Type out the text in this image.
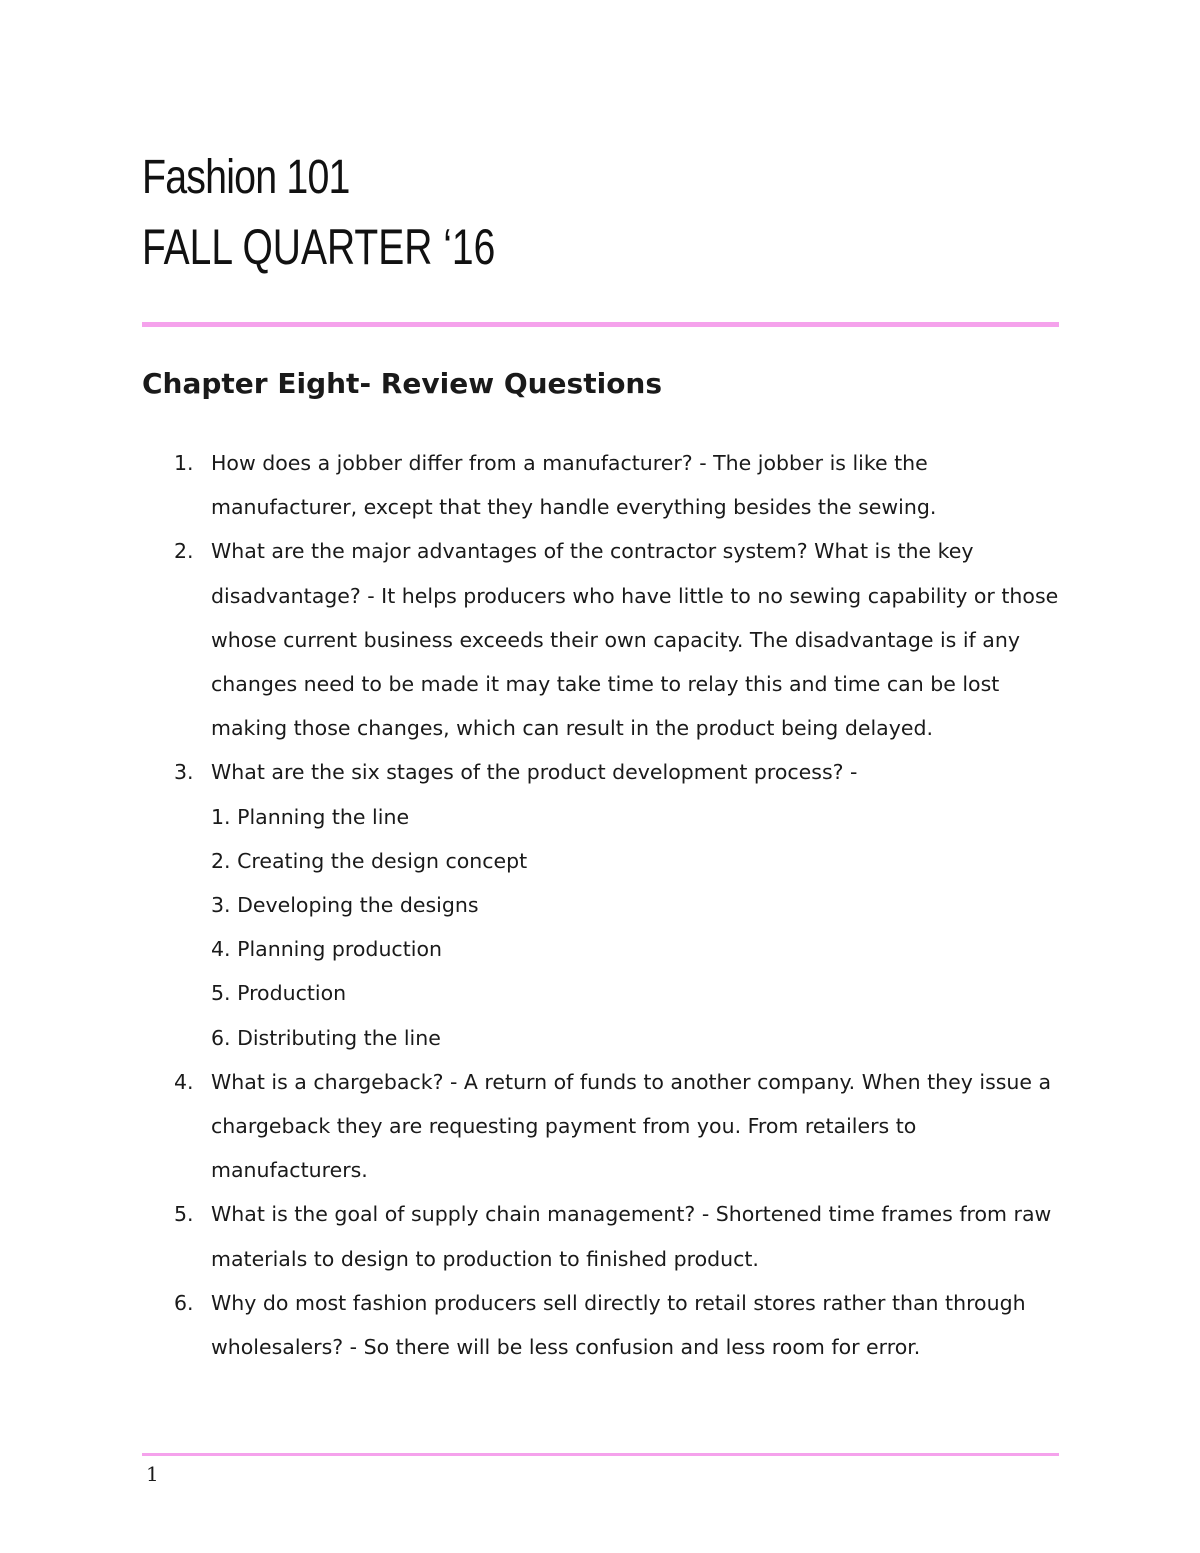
Fashion 101
FALL QUARTER ‘16
Chapter Eight- Review Questions
1. How does a jobber differ from a manufacturer? - The jobber is like the manufacturer, except that they handle everything besides the sewing.
2. What are the major advantages of the contractor system? What is the key disadvantage? - It helps producers who have little to no sewing capability or those whose current business exceeds their own capacity. The disadvantage is if any changes need to be made it may take time to relay this and time can be lost making those changes, which can result in the product being delayed.
3. What are the six stages of the product development process? -
1. Planning the line
2. Creating the design concept
3. Developing the designs
4. Planning production
5. Production
6. Distributing the line
4. What is a chargeback? - A return of funds to another company. When they issue a chargeback they are requesting payment from you. From retailers to manufacturers.
5. What is the goal of supply chain management? - Shortened time frames from raw materials to design to production to finished product.
6. Why do most fashion producers sell directly to retail stores rather than through wholesalers? - So there will be less confusion and less room for error.
1
